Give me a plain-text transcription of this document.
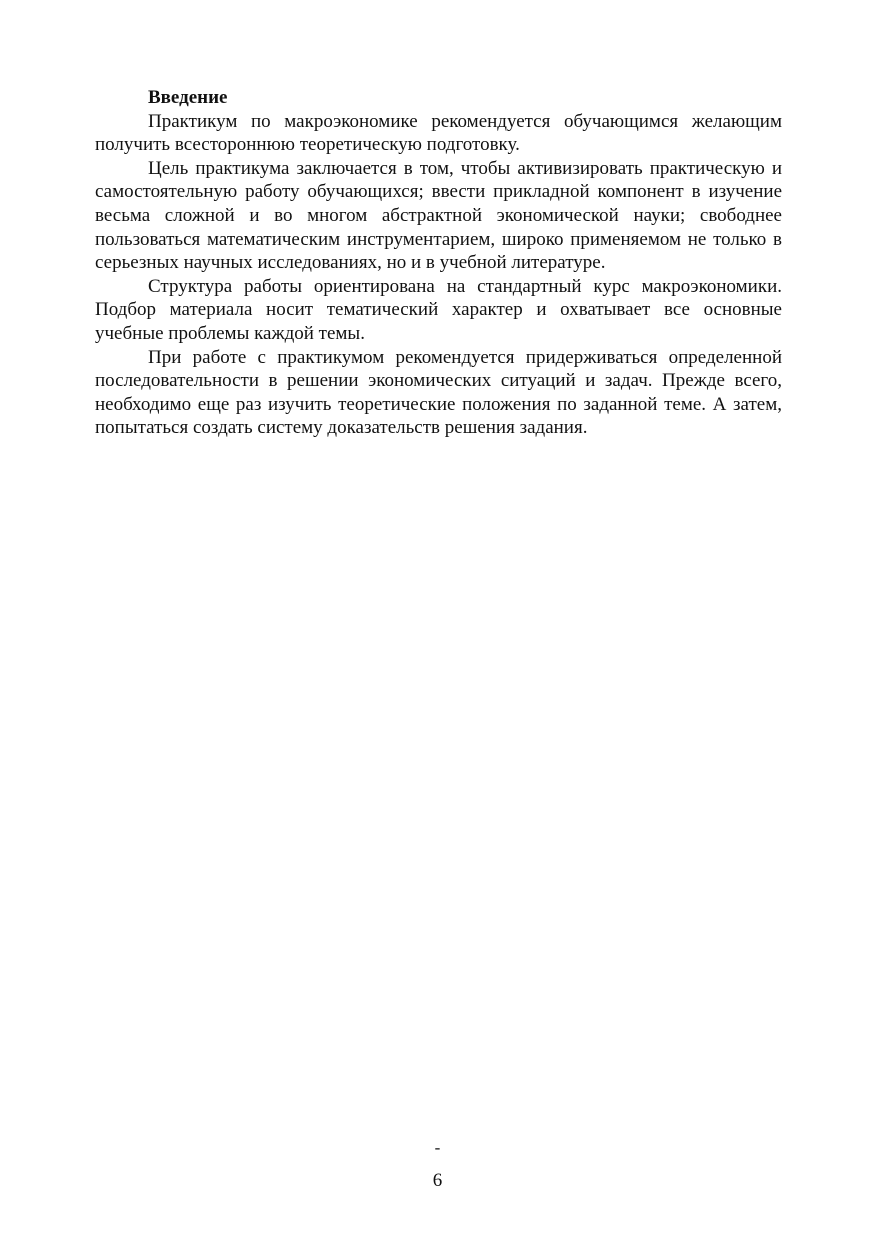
Введение

Практикум по макроэкономике рекомендуется обучающимся желающим получить всестороннюю теоретическую подготовку.

Цель практикума заключается в том, чтобы активизировать практическую и самостоятельную работу обучающихся; ввести прикладной компонент в изучение весьма сложной и во многом абстрактной экономической науки; свободнее пользоваться математическим инструментарием, широко применяемом не только в серьезных научных исследованиях, но и в учебной литературе.

Структура работы ориентирована на стандартный курс макроэкономики. Подбор материала носит тематический характер и охватывает все основные учебные проблемы каждой темы.

При работе с практикумом рекомендуется придерживаться определенной последовательности в решении экономических ситуаций и задач. Прежде всего, необходимо еще раз изучить теоретические положения по заданной теме. А затем, попытаться создать систему доказательств решения задания.

-
6
